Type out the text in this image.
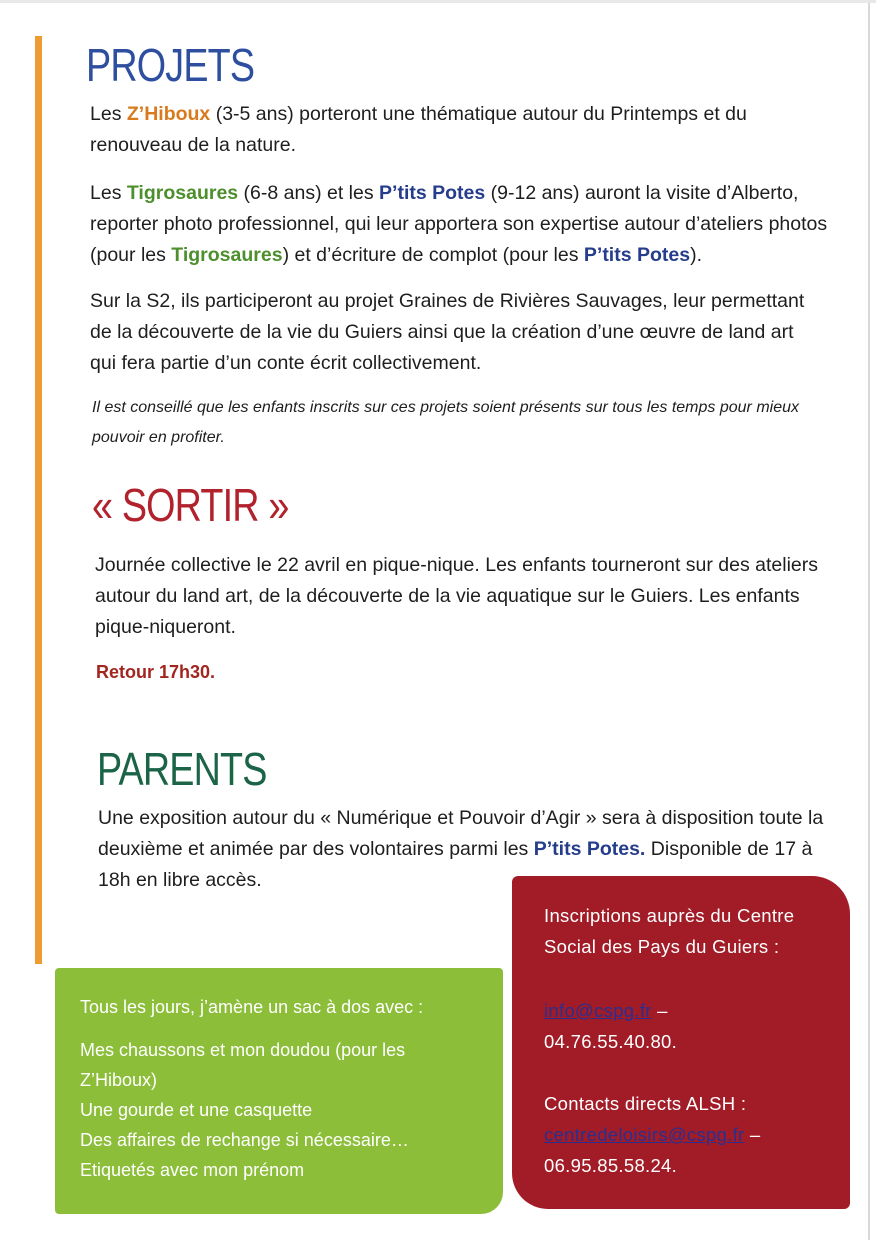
PROJETS

Les Z’Hiboux (3-5 ans) porteront une thématique autour du Printemps et du renouveau de la nature.

Les Tigrosaures (6-8 ans) et les P’tits Potes (9-12 ans) auront la visite d’Alberto, reporter photo professionnel, qui leur apportera son expertise autour d’ateliers photos (pour les Tigrosaures) et d’écriture de complot (pour les P’tits Potes).

Sur la S2, ils participeront au projet Graines de Rivières Sauvages, leur permettant de la découverte de la vie du Guiers ainsi que la création d’une œuvre de land art qui fera partie d’un conte écrit collectivement.

Il est conseillé que les enfants inscrits sur ces projets soient présents sur tous les temps pour mieux pouvoir en profiter.

« SORTIR »

Journée collective le 22 avril en pique-nique. Les enfants tourneront sur des ateliers autour du land art, de la découverte de la vie aquatique sur le Guiers. Les enfants pique-niqueront.

Retour 17h30.

PARENTS

Une exposition autour du « Numérique et Pouvoir d’Agir » sera à disposition toute la deuxième et animée par des volontaires parmi les P’tits Potes. Disponible de 17 à 18h en libre accès.

Tous les jours, j’amène un sac à dos avec :

Mes chaussons et mon doudou (pour les Z’Hiboux)

Une gourde et une casquette

Des affaires de rechange si nécessaire…

Etiquetés avec mon prénom

Inscriptions auprès du Centre Social des Pays du Guiers :

info@cspg.fr –

04.76.55.40.80.

Contacts directs ALSH :

centredeloisirs@cspg.fr –

06.95.85.58.24.
